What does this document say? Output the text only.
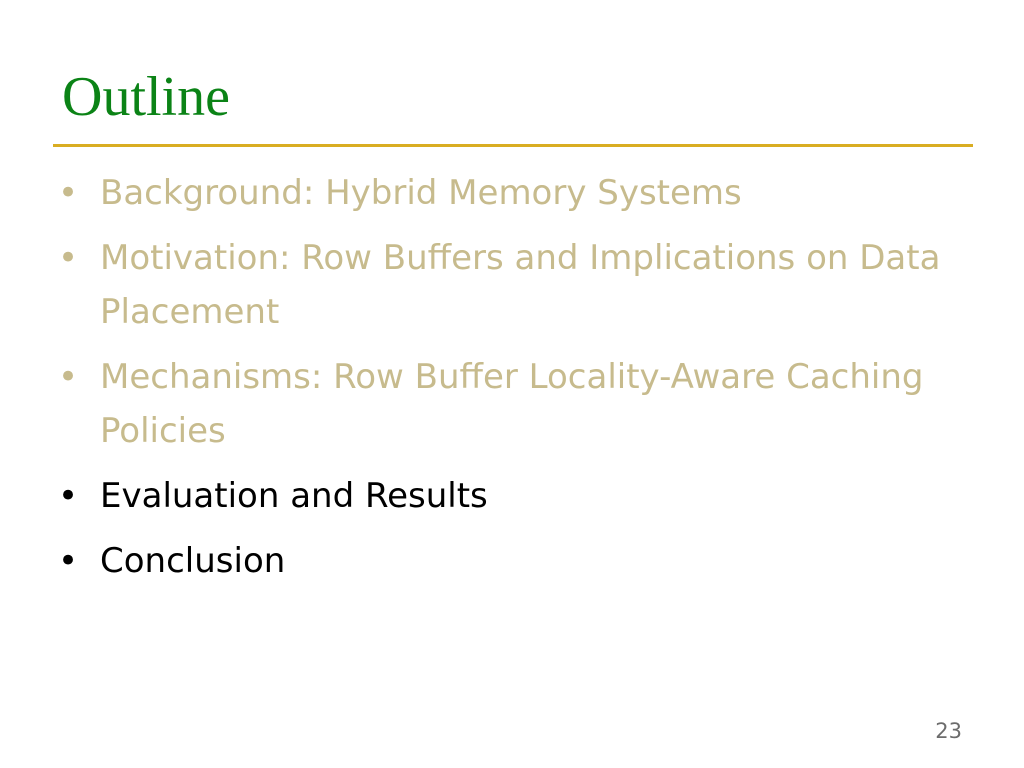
Outline
• Background: Hybrid Memory Systems
• Motivation: Row Buffers and Implications on Data Placement
• Mechanisms: Row Buffer Locality-Aware Caching Policies
• Evaluation and Results
• Conclusion
23
